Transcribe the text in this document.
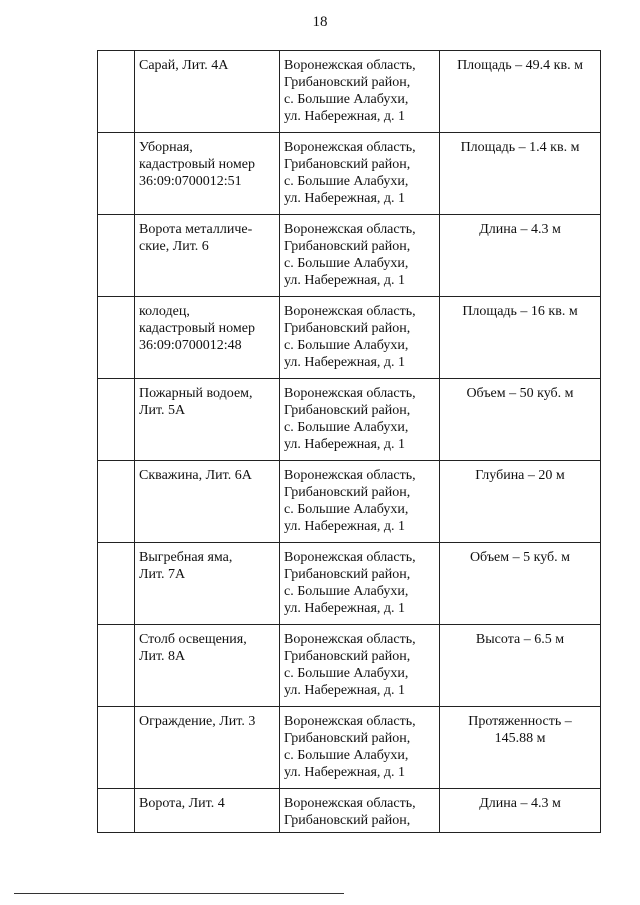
18

	Сарай, Лит. 4А	Воронежская область,
Грибановский район,
с. Большие Алабухи,
ул. Набережная, д. 1	Площадь – 49.4 кв. м

	Уборная,
кадастровый номер
36:09:0700012:51	Воронежская область,
Грибановский район,
с. Большие Алабухи,
ул. Набережная, д. 1	Площадь – 1.4 кв. м

	Ворота металличе-
ские, Лит. 6	Воронежская область,
Грибановский район,
с. Большие Алабухи,
ул. Набережная, д. 1	Длина – 4.3 м

	колодец,
кадастровый номер
36:09:0700012:48	Воронежская область,
Грибановский район,
с. Большие Алабухи,
ул. Набережная, д. 1	Площадь – 16 кв. м

	Пожарный водоем,
Лит. 5А	Воронежская область,
Грибановский район,
с. Большие Алабухи,
ул. Набережная, д. 1	Объем – 50 куб. м

	Скважина, Лит. 6А	Воронежская область,
Грибановский район,
с. Большие Алабухи,
ул. Набережная, д. 1	Глубина – 20 м

	Выгребная яма,
Лит. 7А	Воронежская область,
Грибановский район,
с. Большие Алабухи,
ул. Набережная, д. 1	Объем – 5 куб. м

	Столб освещения,
Лит. 8А	Воронежская область,
Грибановский район,
с. Большие Алабухи,
ул. Набережная, д. 1	Высота – 6.5 м

	Ограждение, Лит. 3	Воронежская область,
Грибановский район,
с. Большие Алабухи,
ул. Набережная, д. 1	Протяженность –
145.88 м

	Ворота, Лит. 4	Воронежская область,
Грибановский район,	Длина – 4.3 м
